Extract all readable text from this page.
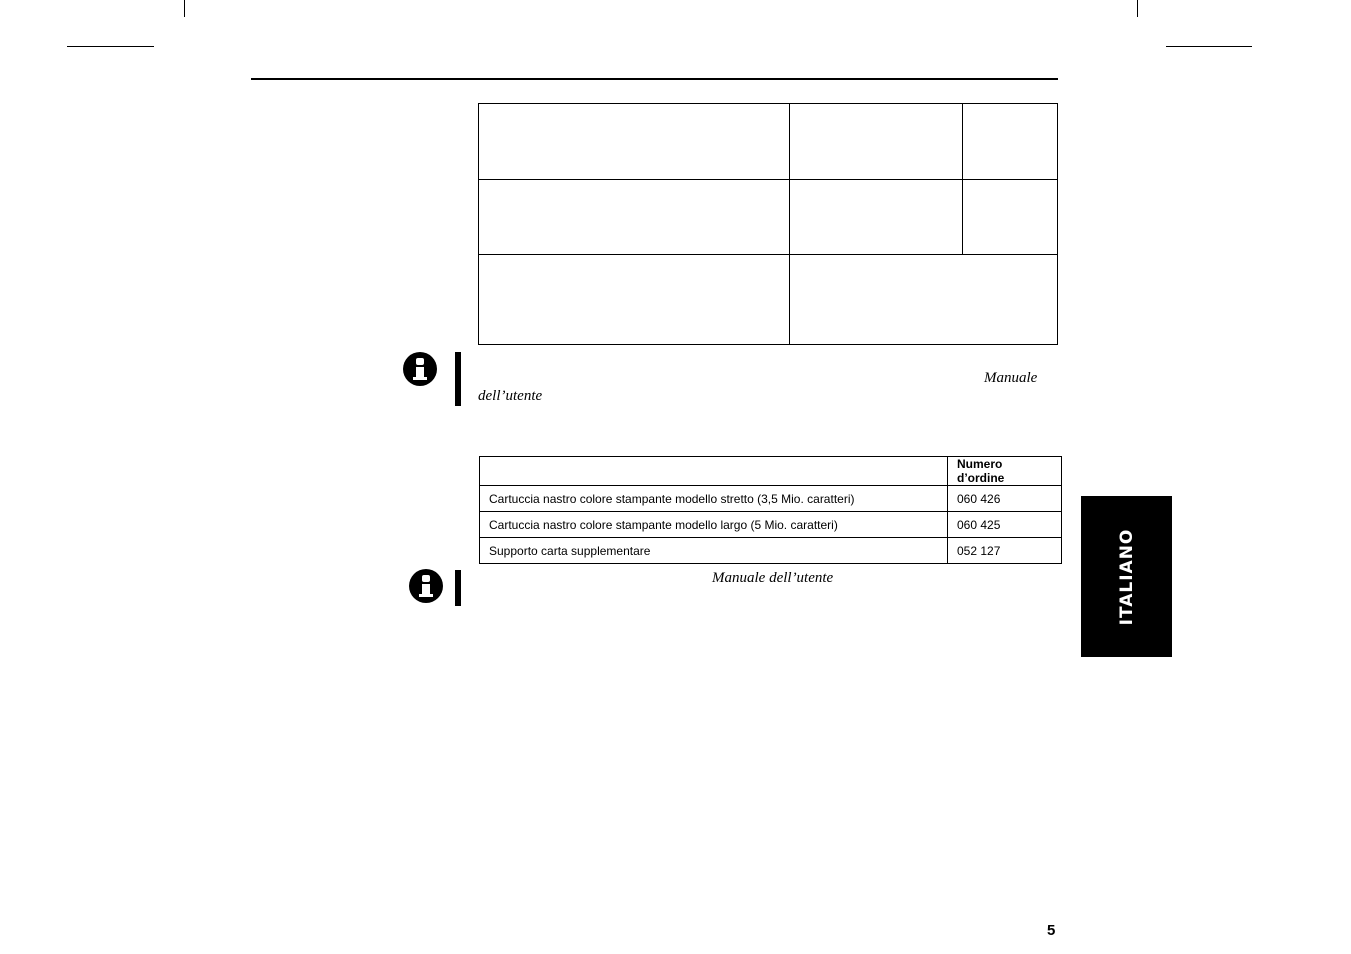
Manuale
dell’utente
	Numero d’ordine
Cartuccia nastro colore stampante modello stretto (3,5 Mio. caratteri)	060 426
Cartuccia nastro colore stampante modello largo (5 Mio. caratteri)	060 425
Supporto carta supplementare	052 127
Manuale dell’utente	ITALIANO
5
